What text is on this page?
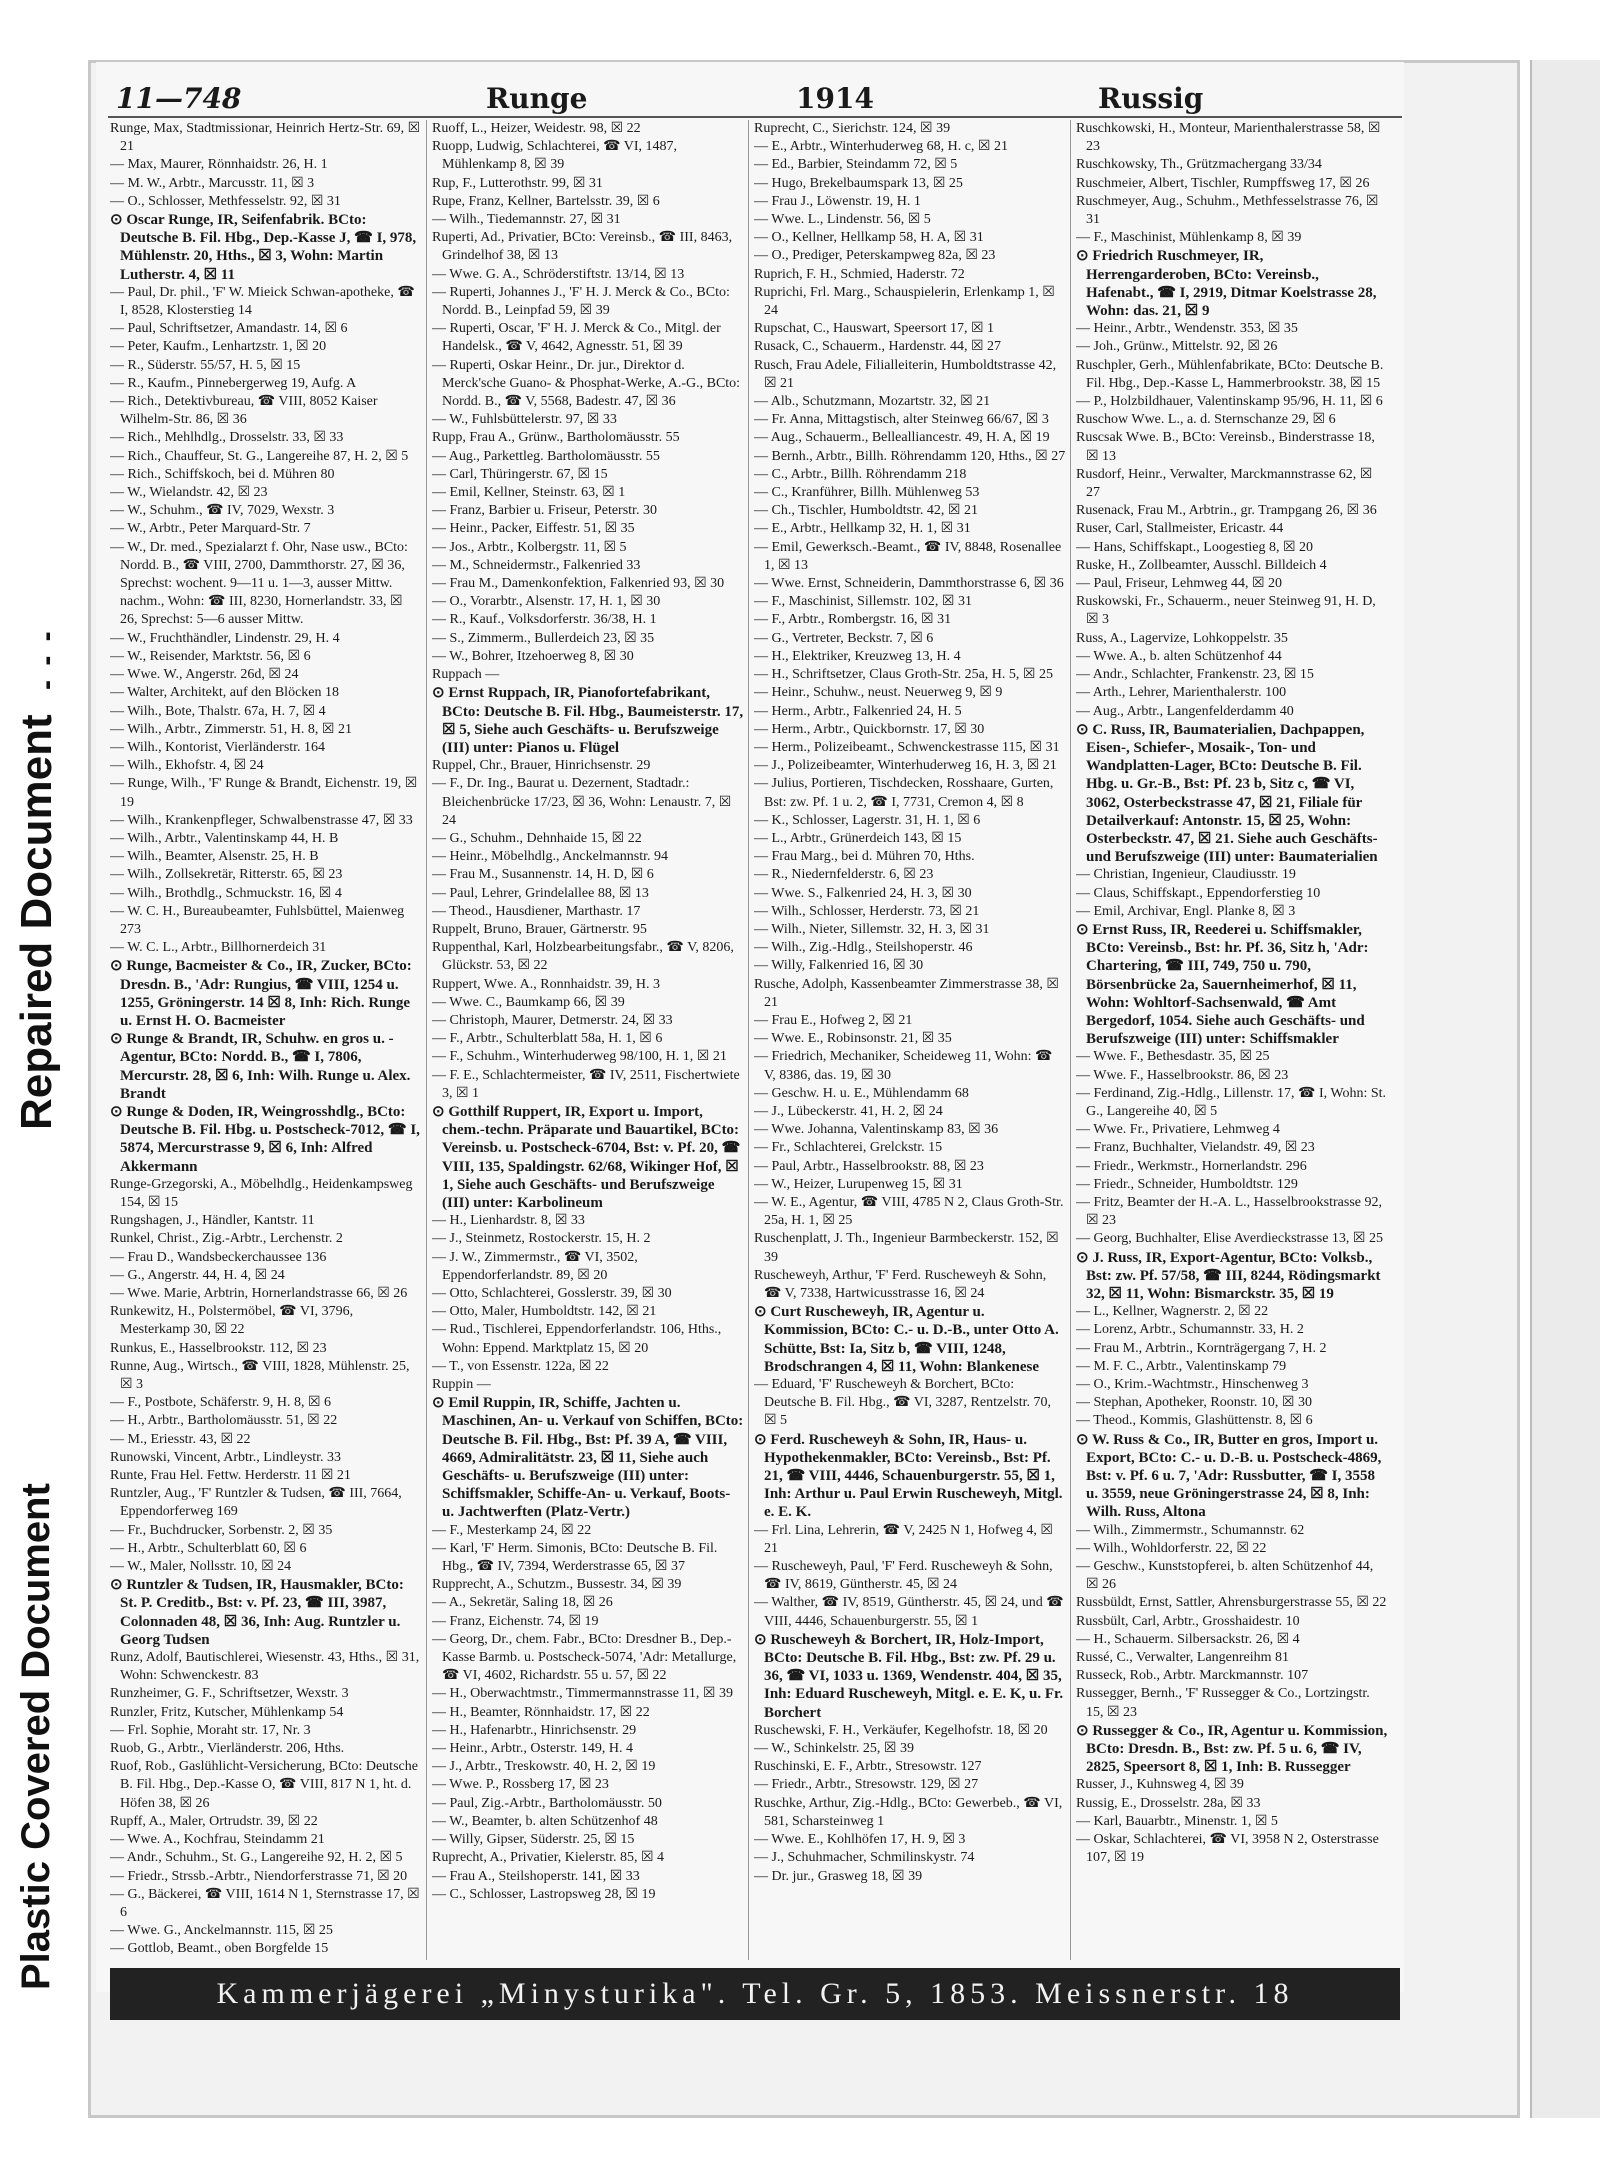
- - -
Repaired Document
Plastic Covered Document
11—748	Runge	1914	Russig

Runge, Max, Stadtmissionar, Heinrich Hertz-Str. 69, ☒ 21

— Max, Maurer, Rönnhaidstr. 26, H. 1

— M. W., Arbtr., Marcusstr. 11, ☒ 3

— O., Schlosser, Methfesselstr. 92, ☒ 31

⊙ Oscar Runge, IR, Seifenfabrik. BCto: Deutsche B. Fil. Hbg., Dep.-Kasse J, ☎ I, 978, Mühlenstr. 20, Hths., ☒ 3, Wohn: Martin Lutherstr. 4, ☒ 11

— Paul, Dr. phil., 'F' W. Mieick Schwan-apotheke, ☎ I, 8528, Klosterstieg 14

— Paul, Schriftsetzer, Amandastr. 14, ☒ 6

— Peter, Kaufm., Lenhartzstr. 1, ☒ 20

— R., Süderstr. 55/57, H. 5, ☒ 15

— R., Kaufm., Pinnebergerweg 19, Aufg. A

— Rich., Detektivbureau, ☎ VIII, 8052 Kaiser Wilhelm-Str. 86, ☒ 36

— Rich., Mehlhdlg., Drosselstr. 33, ☒ 33

— Rich., Chauffeur, St. G., Langereihe 87, H. 2, ☒ 5

— Rich., Schiffskoch, bei d. Mühren 80

— W., Wielandstr. 42, ☒ 23

— W., Schuhm., ☎ IV, 7029, Wexstr. 3

— W., Arbtr., Peter Marquard-Str. 7

— W., Dr. med., Spezialarzt f. Ohr, Nase usw., BCto: Nordd. B., ☎ VIII, 2700, Dammthorstr. 27, ☒ 36, Sprechst: wochent. 9—11 u. 1—3, ausser Mittw. nachm., Wohn: ☎ III, 8230, Hornerlandstr. 33, ☒ 26, Sprechst: 5—6 ausser Mittw.

— W., Fruchthändler, Lindenstr. 29, H. 4

— W., Reisender, Marktstr. 56, ☒ 6

— Wwe. W., Angerstr. 26d, ☒ 24

— Walter, Architekt, auf den Blöcken 18

— Wilh., Bote, Thalstr. 67a, H. 7, ☒ 4

— Wilh., Arbtr., Zimmerstr. 51, H. 8, ☒ 21

— Wilh., Kontorist, Vierländerstr. 164

— Wilh., Ekhofstr. 4, ☒ 24

— Runge, Wilh., 'F' Runge & Brandt, Eichenstr. 19, ☒ 19

— Wilh., Krankenpfleger, Schwalbenstrasse 47, ☒ 33

— Wilh., Arbtr., Valentinskamp 44, H. B

— Wilh., Beamter, Alsenstr. 25, H. B

— Wilh., Zollsekretär, Ritterstr. 65, ☒ 23

— Wilh., Brothdlg., Schmuckstr. 16, ☒ 4

— W. C. H., Bureaubeamter, Fuhlsbüttel, Maienweg 273

— W. C. L., Arbtr., Billhornerdeich 31

⊙ Runge, Bacmeister & Co., IR, Zucker, BCto: Dresdn. B., 'Adr: Rungius, ☎ VIII, 1254 u. 1255, Gröningerstr. 14 ☒ 8, Inh: Rich. Runge u. Ernst H. O. Bacmeister

⊙ Runge & Brandt, IR, Schuhw. en gros u. -Agentur, BCto: Nordd. B., ☎ I, 7806, Mercurstr. 28, ☒ 6, Inh: Wilh. Runge u. Alex. Brandt

⊙ Runge & Doden, IR, Weingrosshdlg., BCto: Deutsche B. Fil. Hbg. u. Postscheck-7012, ☎ I, 5874, Mercurstrasse 9, ☒ 6, Inh: Alfred Akkermann

Runge-Grzegorski, A., Möbelhdlg., Heidenkampsweg 154, ☒ 15

Rungshagen, J., Händler, Kantstr. 11

Runkel, Christ., Zig.-Arbtr., Lerchenstr. 2

— Frau D., Wandsbeckerchaussee 136

— G., Angerstr. 44, H. 4, ☒ 24

— Wwe. Marie, Arbtrin, Hornerlandstrasse 66, ☒ 26

Runkewitz, H., Polstermöbel, ☎ VI, 3796, Mesterkamp 30, ☒ 22

Runkus, E., Hasselbrookstr. 112, ☒ 23

Runne, Aug., Wirtsch., ☎ VIII, 1828, Mühlenstr. 25, ☒ 3

— F., Postbote, Schäferstr. 9, H. 8, ☒ 6

— H., Arbtr., Bartholomäusstr. 51, ☒ 22

— M., Eriesstr. 43, ☒ 22

Runowski, Vincent, Arbtr., Lindleystr. 33

Runte, Frau Hel. Fettw. Herderstr. 11 ☒ 21

Runtzler, Aug., 'F' Runtzler & Tudsen, ☎ III, 7664, Eppendorferweg 169

— Fr., Buchdrucker, Sorbenstr. 2, ☒ 35

— H., Arbtr., Schulterblatt 60, ☒ 6

— W., Maler, Nollsstr. 10, ☒ 24

⊙ Runtzler & Tudsen, IR, Hausmakler, BCto: St. P. Creditb., Bst: v. Pf. 23, ☎ III, 3987, Colonnaden 48, ☒ 36, Inh: Aug. Runtzler u. Georg Tudsen

Runz, Adolf, Bautischlerei, Wiesenstr. 43, Hths., ☒ 31, Wohn: Schwenckestr. 83

Runzheimer, G. F., Schriftsetzer, Wexstr. 3

Runzler, Fritz, Kutscher, Mühlenkamp 54

— Frl. Sophie, Moraht str. 17, Nr. 3

Ruob, G., Arbtr., Vierländerstr. 206, Hths.

Ruof, Rob., Gaslühlicht-Versicherung, BCto: Deutsche B. Fil. Hbg., Dep.-Kasse O, ☎ VIII, 817 N 1, ht. d. Höfen 38, ☒ 26

Rupff, A., Maler, Ortrudstr. 39, ☒ 22

— Wwe. A., Kochfrau, Steindamm 21

— Andr., Schuhm., St. G., Langereihe 92, H. 2, ☒ 5

— Friedr., Strssb.-Arbtr., Niendorferstrasse 71, ☒ 20

— G., Bäckerei, ☎ VIII, 1614 N 1, Sternstrasse 17, ☒ 6

— Wwe. G., Anckelmannstr. 115, ☒ 25

— Gottlob, Beamt., oben Borgfelde 15

Ruoff, L., Heizer, Weidestr. 98, ☒ 22

Ruopp, Ludwig, Schlachterei, ☎ VI, 1487, Mühlenkamp 8, ☒ 39

Rup, F., Lutterothstr. 99, ☒ 31

Rupe, Franz, Kellner, Bartelsstr. 39, ☒ 6

— Wilh., Tiedemannstr. 27, ☒ 31

Ruperti, Ad., Privatier, BCto: Vereinsb., ☎ III, 8463, Grindelhof 38, ☒ 13

— Wwe. G. A., Schröderstiftstr. 13/14, ☒ 13

— Ruperti, Johannes J., 'F' H. J. Merck & Co., BCto: Nordd. B., Leinpfad 59, ☒ 39

— Ruperti, Oscar, 'F' H. J. Merck & Co., Mitgl. der Handelsk., ☎ V, 4642, Agnesstr. 51, ☒ 39

— Ruperti, Oskar Heinr., Dr. jur., Direktor d. Merck'sche Guano- & Phosphat-Werke, A.-G., BCto: Nordd. B., ☎ V, 5568, Badestr. 47, ☒ 36

— W., Fuhlsbüttelerstr. 97, ☒ 33

Rupp, Frau A., Grünw., Bartholomäusstr. 55

— Aug., Parkettleg. Bartholomäusstr. 55

— Carl, Thüringerstr. 67, ☒ 15

— Emil, Kellner, Steinstr. 63, ☒ 1

— Franz, Barbier u. Friseur, Peterstr. 30

— Heinr., Packer, Eiffestr. 51, ☒ 35

— Jos., Arbtr., Kolbergstr. 11, ☒ 5

— M., Schneidermstr., Falkenried 33

— Frau M., Damenkonfektion, Falkenried 93, ☒ 30

— O., Vorarbtr., Alsenstr. 17, H. 1, ☒ 30

— R., Kauf., Volksdorferstr. 36/38, H. 1

— S., Zimmerm., Bullerdeich 23, ☒ 35

— W., Bohrer, Itzehoerweg 8, ☒ 30

Ruppach —

⊙ Ernst Ruppach, IR, Pianofortefabrikant, BCto: Deutsche B. Fil. Hbg., Baumeisterstr. 17, ☒ 5, Siehe auch Geschäfts- u. Berufszweige (III) unter: Pianos u. Flügel

Ruppel, Chr., Brauer, Hinrichsenstr. 29

— F., Dr. Ing., Baurat u. Dezernent, Stadtadr.: Bleichenbrücke 17/23, ☒ 36, Wohn: Lenaustr. 7, ☒ 24

— G., Schuhm., Dehnhaide 15, ☒ 22

— Heinr., Möbelhdlg., Anckelmannstr. 94

— Frau M., Susannenstr. 14, H. D, ☒ 6

— Paul, Lehrer, Grindelallee 88, ☒ 13

— Theod., Hausdiener, Marthastr. 17

Ruppelt, Bruno, Brauer, Gärtnerstr. 95

Ruppenthal, Karl, Holzbearbeitungsfabr., ☎ V, 8206, Glückstr. 53, ☒ 22

Ruppert, Wwe. A., Ronnhaidstr. 39, H. 3

— Wwe. C., Baumkamp 66, ☒ 39

— Christoph, Maurer, Detmerstr. 24, ☒ 33

— F., Arbtr., Schulterblatt 58a, H. 1, ☒ 6

— F., Schuhm., Winterhuderweg 98/100, H. 1, ☒ 21

— F. E., Schlachtermeister, ☎ IV, 2511, Fischertwiete 3, ☒ 1

⊙ Gotthilf Ruppert, IR, Export u. Import, chem.-techn. Präparate und Bauartikel, BCto: Vereinsb. u. Postscheck-6704, Bst: v. Pf. 20, ☎ VIII, 135, Spaldingstr. 62/68, Wikinger Hof, ☒ 1, Siehe auch Geschäfts- und Berufszweige (III) unter: Karbolineum

— H., Lienhardstr. 8, ☒ 33

— J., Steinmetz, Rostockerstr. 15, H. 2

— J. W., Zimmermstr., ☎ VI, 3502, Eppendorferlandstr. 89, ☒ 20

— Otto, Schlachterei, Gosslerstr. 39, ☒ 30

— Otto, Maler, Humboldtstr. 142, ☒ 21

— Rud., Tischlerei, Eppendorferlandstr. 106, Hths., Wohn: Eppend. Marktplatz 15, ☒ 20

— T., von Essenstr. 122a, ☒ 22

Ruppin —

⊙ Emil Ruppin, IR, Schiffe, Jachten u. Maschinen, An- u. Verkauf von Schiffen, BCto: Deutsche B. Fil. Hbg., Bst: Pf. 39 A, ☎ VIII, 4669, Admiralitätstr. 23, ☒ 11, Siehe auch Geschäfts- u. Berufszweige (III) unter: Schiffsmakler, Schiffe-An- u. Verkauf, Boots- u. Jachtwerften (Platz-Vertr.)

— F., Mesterkamp 24, ☒ 22

— Karl, 'F' Herm. Simonis, BCto: Deutsche B. Fil. Hbg., ☎ IV, 7394, Werderstrasse 65, ☒ 37

Rupprecht, A., Schutzm., Bussestr. 34, ☒ 39

— A., Sekretär, Saling 18, ☒ 26

— Franz, Eichenstr. 74, ☒ 19

— Georg, Dr., chem. Fabr., BCto: Dresdner B., Dep.-Kasse Barmb. u. Postscheck-5074, 'Adr: Metallurge, ☎ VI, 4602, Richardstr. 55 u. 57, ☒ 22

— H., Oberwachtmstr., Timmermannstrasse 11, ☒ 39

— H., Beamter, Rönnhaidstr. 17, ☒ 22

— H., Hafenarbtr., Hinrichsenstr. 29

— Heinr., Arbtr., Osterstr. 149, H. 4

— J., Arbtr., Treskowstr. 40, H. 2, ☒ 19

— Wwe. P., Rossberg 17, ☒ 23

— Paul, Zig.-Arbtr., Bartholomäusstr. 50

— W., Beamter, b. alten Schützenhof 48

— Willy, Gipser, Süderstr. 25, ☒ 15

Ruprecht, A., Privatier, Kielerstr. 85, ☒ 4

— Frau A., Steilshoperstr. 141, ☒ 33

— C., Schlosser, Lastropsweg 28, ☒ 19

Ruprecht, C., Sierichstr. 124, ☒ 39

— E., Arbtr., Winterhuderweg 68, H. c, ☒ 21

— Ed., Barbier, Steindamm 72, ☒ 5

— Hugo, Brekelbaumspark 13, ☒ 25

— Frau J., Löwenstr. 19, H. 1

— Wwe. L., Lindenstr. 56, ☒ 5

— O., Kellner, Hellkamp 58, H. A, ☒ 31

— O., Prediger, Peterskampweg 82a, ☒ 23

Ruprich, F. H., Schmied, Haderstr. 72

Ruprichi, Frl. Marg., Schauspielerin, Erlenkamp 1, ☒ 24

Rupschat, C., Hauswart, Speersort 17, ☒ 1

Rusack, C., Schauerm., Hardenstr. 44, ☒ 27

Rusch, Frau Adele, Filialleiterin, Humboldtstrasse 42, ☒ 21

— Alb., Schutzmann, Mozartstr. 32, ☒ 21

— Fr. Anna, Mittagstisch, alter Steinweg 66/67, ☒ 3

— Aug., Schauerm., Belleallianсestr. 49, H. A, ☒ 19

— Bernh., Arbtr., Billh. Röhrendamm 120, Hths., ☒ 27

— C., Arbtr., Billh. Röhrendamm 218

— C., Kranführer, Billh. Mühlenweg 53

— Ch., Tischler, Humboldtstr. 42, ☒ 21

— E., Arbtr., Hellkamp 32, H. 1, ☒ 31

— Emil, Gewerksch.-Beamt., ☎ IV, 8848, Rosenallee 1, ☒ 13

— Wwe. Ernst, Schneiderin, Dammthorstrasse 6, ☒ 36

— F., Maschinist, Sillemstr. 102, ☒ 31

— F., Arbtr., Rombergstr. 16, ☒ 31

— G., Vertreter, Beckstr. 7, ☒ 6

— H., Elektriker, Kreuzweg 13, H. 4

— H., Schriftsetzer, Claus Groth-Str. 25a, H. 5, ☒ 25

— Heinr., Schuhw., neust. Neuerweg 9, ☒ 9

— Herm., Arbtr., Falkenried 24, H. 5

— Herm., Arbtr., Quickbornstr. 17, ☒ 30

— Herm., Polizeibeamt., Schwenckestrasse 115, ☒ 31

— J., Polizeibeamter, Winterhuderweg 16, H. 3, ☒ 21

— Julius, Portieren, Tischdecken, Rosshaare, Gurten, Bst: zw. Pf. 1 u. 2, ☎ I, 7731, Cremon 4, ☒ 8

— K., Schlosser, Lagerstr. 31, H. 1, ☒ 6

— L., Arbtr., Grünerdeich 143, ☒ 15

— Frau Marg., bei d. Mühren 70, Hths.

— R., Niedernfelderstr. 6, ☒ 23

— Wwe. S., Falkenried 24, H. 3, ☒ 30

— Wilh., Schlosser, Herderstr. 73, ☒ 21

— Wilh., Nieter, Sillemstr. 32, H. 3, ☒ 31

— Wilh., Zig.-Hdlg., Steilshoperstr. 46

— Willy, Falkenried 16, ☒ 30

Rusche, Adolph, Kassenbeamter Zimmerstrasse 38, ☒ 21

— Frau E., Hofweg 2, ☒ 21

— Wwe. E., Robinsonstr. 21, ☒ 35

— Friedrich, Mechaniker, Scheideweg 11, Wohn: ☎ V, 8386, das. 19, ☒ 30

— Geschw. H. u. E., Mühlendamm 68

— J., Lübeckerstr. 41, H. 2, ☒ 24

— Wwe. Johanna, Valentinskamp 83, ☒ 36

— Fr., Schlachterei, Grelckstr. 15

— Paul, Arbtr., Hasselbrookstr. 88, ☒ 23

— W., Heizer, Lurupenweg 15, ☒ 31

— W. E., Agentur, ☎ VIII, 4785 N 2, Claus Groth-Str. 25a, H. 1, ☒ 25

Ruschenplatt, J. Th., Ingenieur Barmbeckerstr. 152, ☒ 39

Ruscheweyh, Arthur, 'F' Ferd. Ruscheweyh & Sohn, ☎ V, 7338, Hartwicusstrasse 16, ☒ 24

⊙ Curt Ruscheweyh, IR, Agentur u. Kommission, BCto: C.- u. D.-B., unter Otto A. Schütte, Bst: Ia, Sitz b, ☎ VIII, 1248, Brodschrangen 4, ☒ 11, Wohn: Blankenese

— Eduard, 'F' Ruscheweyh & Borchert, BCto: Deutsche B. Fil. Hbg., ☎ VI, 3287, Rentzelstr. 70, ☒ 5

⊙ Ferd. Ruscheweyh & Sohn, IR, Haus- u. Hypothekenmakler, BCto: Vereinsb., Bst: Pf. 21, ☎ VIII, 4446, Schauenburgerstr. 55, ☒ 1, Inh: Arthur u. Paul Erwin Ruscheweyh, Mitgl. e. E. K.

— Frl. Lina, Lehrerin, ☎ V, 2425 N 1, Hofweg 4, ☒ 21

— Ruscheweyh, Paul, 'F' Ferd. Ruscheweyh & Sohn, ☎ IV, 8619, Güntherstr. 45, ☒ 24

— Walther, ☎ IV, 8519, Güntherstr. 45, ☒ 24, und ☎ VIII, 4446, Schauenburgerstr. 55, ☒ 1

⊙ Ruscheweyh & Borchert, IR, Holz-Import, BCto: Deutsche B. Fil. Hbg., Bst: zw. Pf. 29 u. 36, ☎ VI, 1033 u. 1369, Wendenstr. 404, ☒ 35, Inh: Eduard Ruscheweyh, Mitgl. e. E. K, u. Fr. Borchert

Ruschewski, F. H., Verkäufer, Kegelhofstr. 18, ☒ 20

— W., Schinkelstr. 25, ☒ 39

Ruschinski, E. F., Arbtr., Stresowstr. 127

— Friedr., Arbtr., Stresowstr. 129, ☒ 27

Ruschke, Arthur, Zig.-Hdlg., BCto: Gewerbeb., ☎ VI, 581, Scharsteinweg 1

— Wwe. E., Kohlhöfen 17, H. 9, ☒ 3

— J., Schuhmacher, Schmilinskystr. 74

— Dr. jur., Grasweg 18, ☒ 39

Ruschkowski, H., Monteur, Marienthalerstrasse 58, ☒ 23

Ruschkowsky, Th., Grützmachergang 33/34

Ruschmeier, Albert, Tischler, Rumpffsweg 17, ☒ 26

Ruschmeyer, Aug., Schuhm., Methfesselstrasse 76, ☒ 31

— F., Maschinist, Mühlenkamp 8, ☒ 39

⊙ Friedrich Ruschmeyer, IR, Herrengarderoben, BCto: Vereinsb., Hafenabt., ☎ I, 2919, Ditmar Koelstrasse 28, Wohn: das. 21, ☒ 9

— Heinr., Arbtr., Wendenstr. 353, ☒ 35

— Joh., Grünw., Mittelstr. 92, ☒ 26

Ruschpler, Gerh., Mühlenfabrikate, BCto: Deutsche B. Fil. Hbg., Dep.-Kasse L, Hammerbrookstr. 38, ☒ 15

— P., Holzbildhauer, Valentinskamp 95/96, H. 11, ☒ 6

Ruschow Wwe. L., a. d. Sternschanze 29, ☒ 6

Ruscsak Wwe. B., BCto: Vereinsb., Binderstrasse 18, ☒ 13

Rusdorf, Heinr., Verwalter, Marckmannstrasse 62, ☒ 27

Rusenack, Frau M., Arbtrin., gr. Trampgang 26, ☒ 36

Ruser, Carl, Stallmeister, Ericastr. 44

— Hans, Schiffskapt., Loogestieg 8, ☒ 20

Ruske, H., Zollbeamter, Ausschl. Billdeich 4

— Paul, Friseur, Lehmweg 44, ☒ 20

Ruskowski, Fr., Schauerm., neuer Steinweg 91, H. D, ☒ 3

Russ, A., Lagervize, Lohkoppelstr. 35

— Wwe. A., b. alten Schützenhof 44

— Andr., Schlachter, Frankenstr. 23, ☒ 15

— Arth., Lehrer, Marienthalerstr. 100

— Aug., Arbtr., Langenfelderdamm 40

⊙ C. Russ, IR, Baumaterialien, Dachpappen, Eisen-, Schiefer-, Mosaik-, Ton- und Wandplatten-Lager, BCto: Deutsche B. Fil. Hbg. u. Gr.-B., Bst: Pf. 23 b, Sitz c, ☎ VI, 3062, Osterbeckstrasse 47, ☒ 21, Filiale für Detailverkauf: Antonstr. 15, ☒ 25, Wohn: Osterbeckstr. 47, ☒ 21. Siehe auch Geschäfts- und Berufszweige (III) unter: Baumaterialien

— Christian, Ingenieur, Claudiusstr. 19

— Claus, Schiffskapt., Eppendorferstieg 10

— Emil, Archivar, Engl. Planke 8, ☒ 3

⊙ Ernst Russ, IR, Reederei u. Schiffsmakler, BCto: Vereinsb., Bst: hr. Pf. 36, Sitz h, 'Adr: Chartering, ☎ III, 749, 750 u. 790, Börsenbrücke 2a, Sauernheimerhof, ☒ 11, Wohn: Wohltorf-Sachsenwald, ☎ Amt Bergedorf, 1054. Siehe auch Geschäfts- und Berufszweige (III) unter: Schiffsmakler

— Wwe. F., Bethesdastr. 35, ☒ 25

— Wwe. F., Hasselbrookstr. 86, ☒ 23

— Ferdinand, Zig.-Hdlg., Lillenstr. 17, ☎ I, Wohn: St. G., Langereihe 40, ☒ 5

— Wwe. Fr., Privatiere, Lehmweg 4

— Franz, Buchhalter, Vielandstr. 49, ☒ 23

— Friedr., Werkmstr., Hornerlandstr. 296

— Friedr., Schneider, Humboldtstr. 129

— Fritz, Beamter der H.-A. L., Hasselbrookstrasse 92, ☒ 23

— Georg, Buchhalter, Elise Averdieckstrasse 13, ☒ 25

⊙ J. Russ, IR, Export-Agentur, BCto: Volksb., Bst: zw. Pf. 57/58, ☎ III, 8244, Rödingsmarkt 32, ☒ 11, Wohn: Bismarckstr. 35, ☒ 19

— L., Kellner, Wagnerstr. 2, ☒ 22

— Lorenz, Arbtr., Schumannstr. 33, H. 2

— Frau M., Arbtrin., Kornträgergang 7, H. 2

— M. F. C., Arbtr., Valentinskamp 79

— O., Krim.-Wachtmstr., Hinschenweg 3

— Stephan, Apotheker, Roonstr. 10, ☒ 30

— Theod., Kommis, Glashüttenstr. 8, ☒ 6

⊙ W. Russ & Co., IR, Butter en gros, Import u. Export, BCto: C.- u. D.-B. u. Postscheck-4869, Bst: v. Pf. 6 u. 7, 'Adr: Russbutter, ☎ I, 3558 u. 3559, neue Gröningerstrasse 24, ☒ 8, Inh: Wilh. Russ, Altona

— Wilh., Zimmermstr., Schumannstr. 62

— Wilh., Wohldorferstr. 22, ☒ 22

— Geschw., Kunststopferei, b. alten Schützenhof 44, ☒ 26

Russbüldt, Ernst, Sattler, Ahrensburgerstrasse 55, ☒ 22

Russbült, Carl, Arbtr., Grosshaidestr. 10

— H., Schauerm. Silbersackstr. 26, ☒ 4

Russé, C., Verwalter, Langenreihm 81

Russeck, Rob., Arbtr. Marckmannstr. 107

Russegger, Bernh., 'F' Russegger & Co., Lortzingstr. 15, ☒ 23

⊙ Russegger & Co., IR, Agentur u. Kommission, BCto: Dresdn. B., Bst: zw. Pf. 5 u. 6, ☎ IV, 2825, Speersort 8, ☒ 1, Inh: B. Russegger

Russer, J., Kuhnsweg 4, ☒ 39

Russig, E., Drosselstr. 28a, ☒ 33

— Karl, Bauarbtr., Minenstr. 1, ☒ 5

— Oskar, Schlachterei, ☎ VI, 3958 N 2, Osterstrasse 107, ☒ 19

Kammerjägerei „Minysturika". Tel. Gr. 5, 1853. Meissnerstr. 18
